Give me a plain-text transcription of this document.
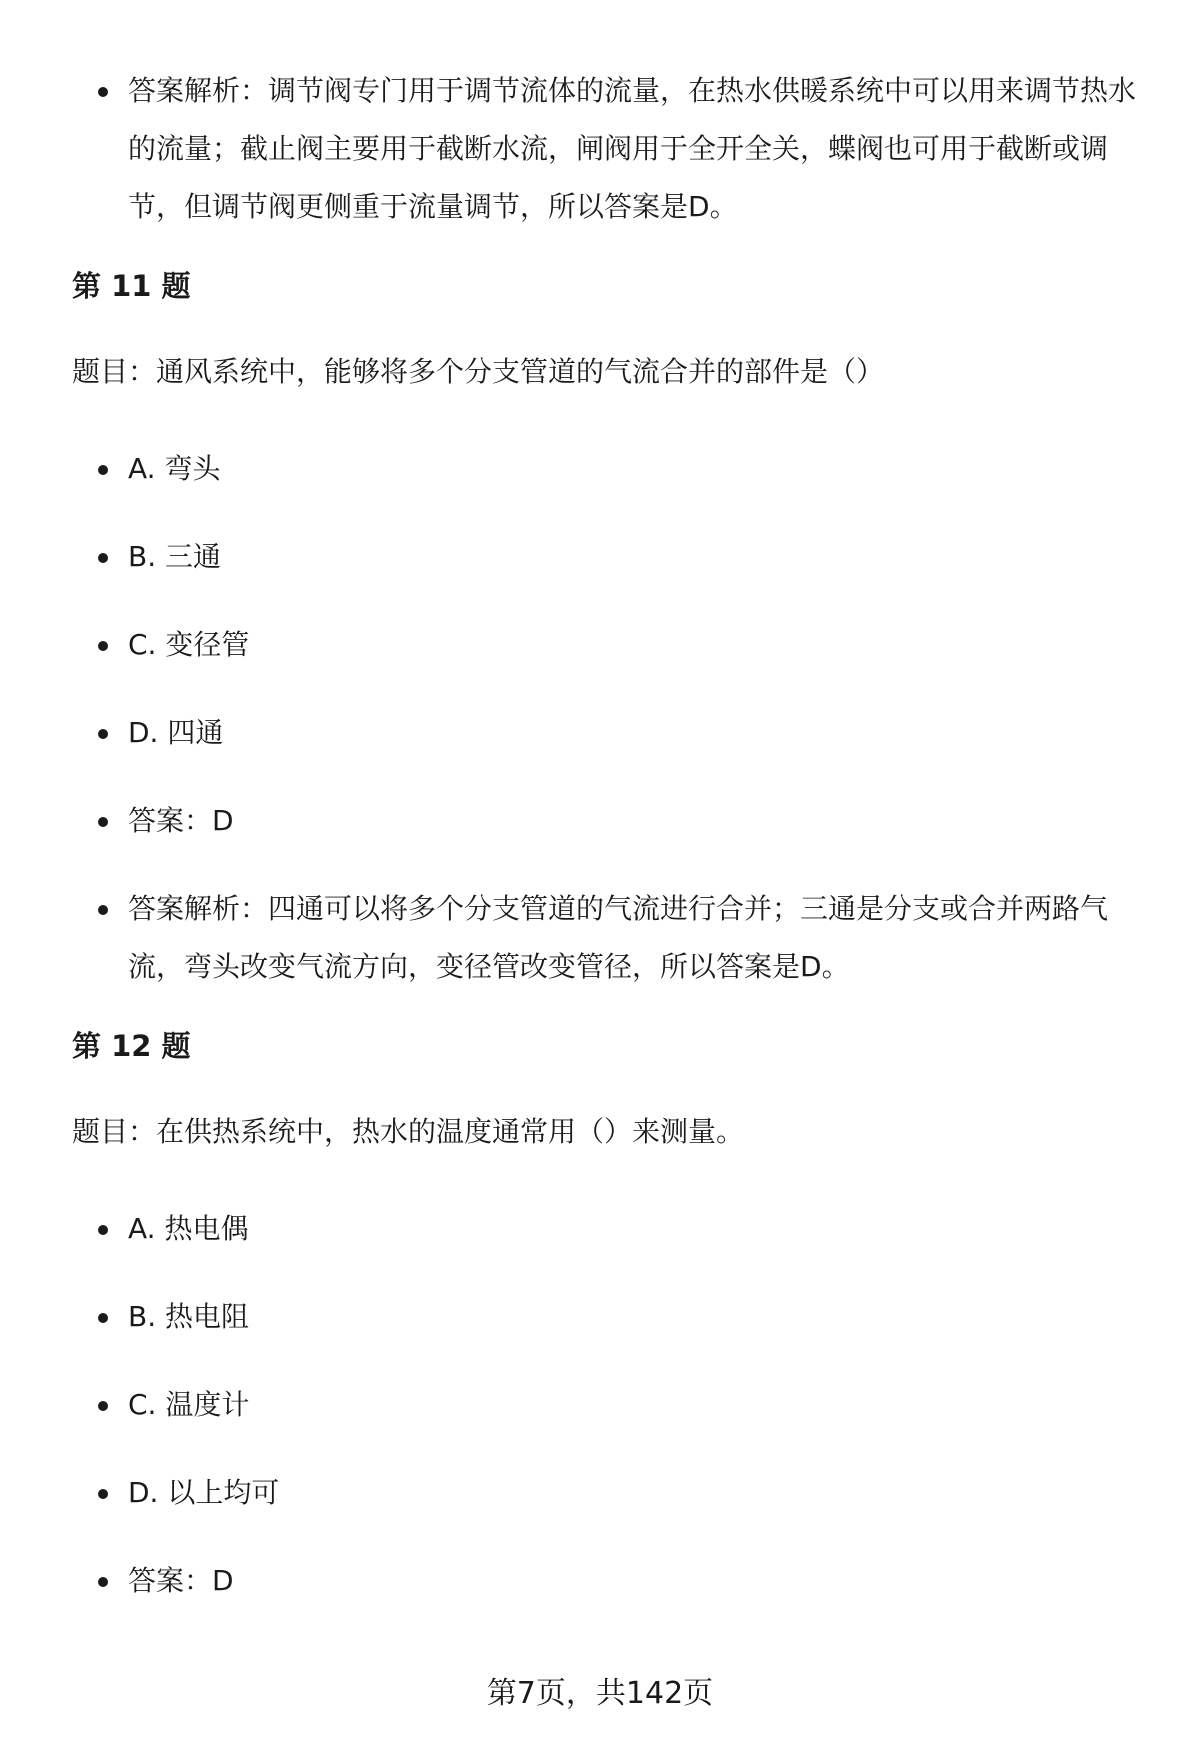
答案解析：调节阀专门用于调节流体的流量，在热水供暖系统中可以用来调节热水的流量；截止阀主要用于截断水流，闸阀用于全开全关，蝶阀也可用于截断或调节，但调节阀更侧重于流量调节，所以答案是D。
第 11 题
题目：通风系统中，能够将多个分支管道的气流合并的部件是（）
A. 弯头
B. 三通
C. 变径管
D. 四通
答案：D
答案解析：四通可以将多个分支管道的气流进行合并；三通是分支或合并两路气流，弯头改变气流方向，变径管改变管径，所以答案是D。
第 12 题
题目：在供热系统中，热水的温度通常用（）来测量。
A. 热电偶
B. 热电阻
C. 温度计
D. 以上均可
答案：D
第7页，共142页
